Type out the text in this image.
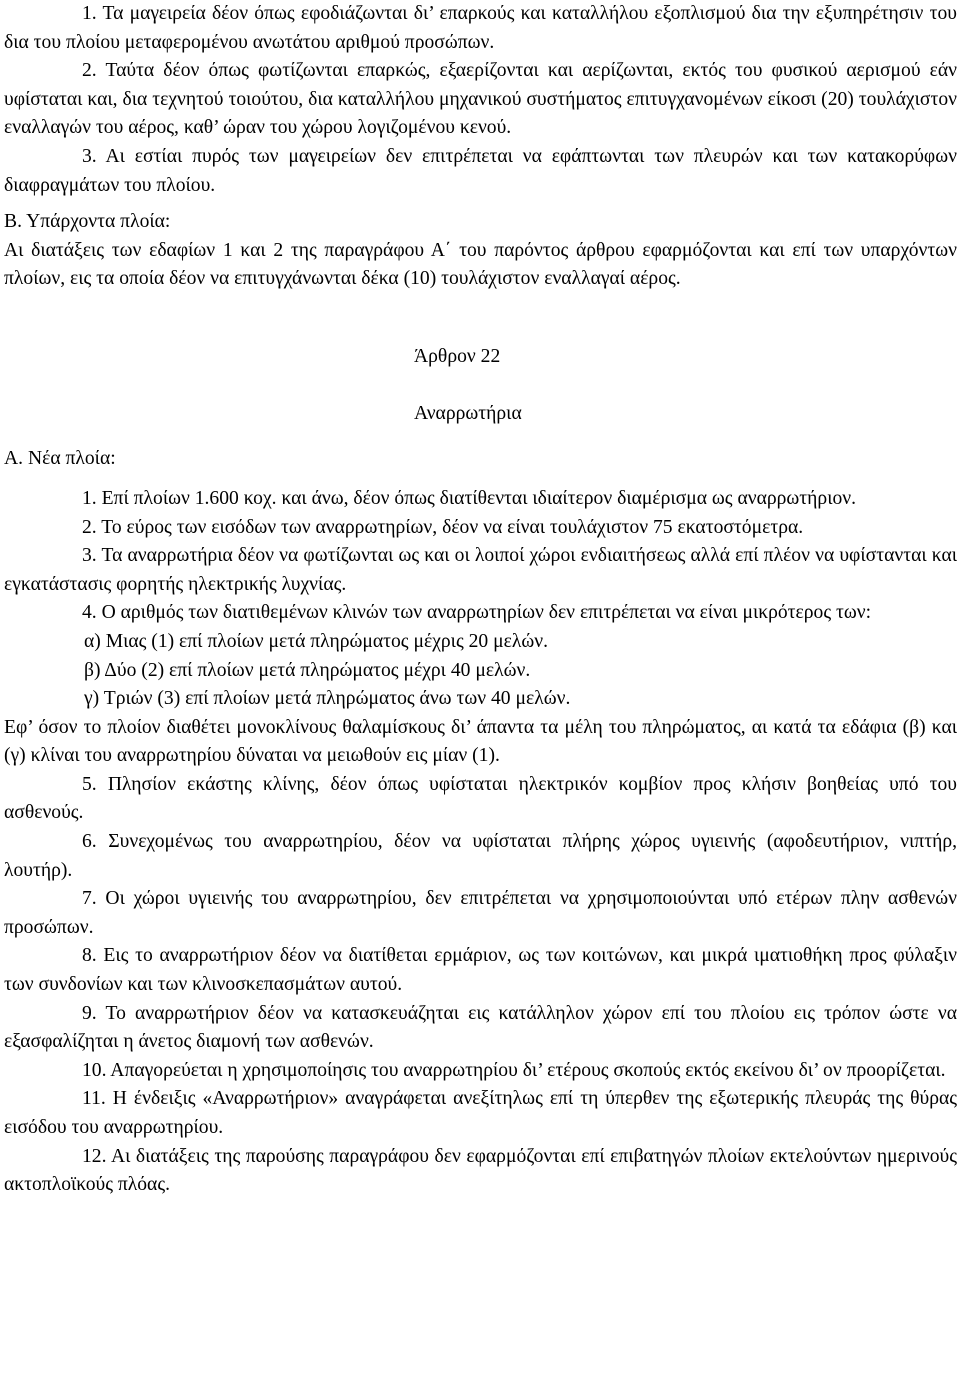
1. Τα μαγειρεία δέον όπως εφοδιάζωνται δι’ επαρκούς και καταλλήλου εξοπλισμού δια την εξυπηρέτησιν του δια του πλοίου μεταφερομένου ανωτάτου αριθμού προσώπων.

2. Ταύτα δέον όπως φωτίζωνται επαρκώς, εξαερίζονται και αερίζωνται, εκτός του φυσικού αερισμού εάν υφίσταται και, δια τεχνητού τοιούτου, δια καταλλήλου μηχανικού συστήματος επιτυγχανομένων είκοσι (20) τουλάχιστον εναλλαγών του αέρος, καθ’ ώραν του χώρου λογιζομένου κενού.

3. Αι εστίαι πυρός των μαγειρείων δεν επιτρέπεται να εφάπτωνται των πλευρών και των κατακορύφων διαφραγμάτων του πλοίου.

Β. Υπάρχοντα πλοία:

Αι διατάξεις των εδαφίων 1 και 2 της παραγράφου Α΄ του παρόντος άρθρου εφαρμόζονται και επί των υπαρχόντων πλοίων, εις τα οποία δέον να επιτυγχάνωνται δέκα (10) τουλάχιστον εναλλαγαί αέρος.

Άρθρον 22
Αναρρωτήρια
Α. Νέα πλοία:

1. Επί πλοίων 1.600 κοχ. και άνω, δέον όπως διατίθενται ιδιαίτερον διαμέρισμα ως αναρρωτήριον.

2. Το εύρος των εισόδων των αναρρωτηρίων, δέον να είναι τουλάχιστον 75 εκατοστόμετρα.

3. Τα αναρρωτήρια δέον να φωτίζωνται ως και οι λοιποί χώροι ενδιαιτήσεως αλλά επί πλέον να υφίστανται και εγκατάστασις φορητής ηλεκτρικής λυχνίας.

4. Ο αριθμός των διατιθεμένων κλινών των αναρρωτηρίων δεν επιτρέπεται να είναι μικρότερος των:

α) Μιας (1) επί πλοίων μετά πληρώματος μέχρις 20 μελών.

β) Δύο (2) επί πλοίων μετά πληρώματος μέχρι 40 μελών.

γ) Τριών (3) επί πλοίων μετά πληρώματος άνω των 40 μελών.

Εφ’ όσον το πλοίον διαθέτει μονοκλίνους θαλαμίσκους δι’ άπαντα τα μέλη του πληρώματος, αι κατά τα εδάφια (β) και (γ) κλίναι του αναρρωτηρίου δύναται να μειωθούν εις μίαν (1).

5. Πλησίον εκάστης κλίνης, δέον όπως υφίσταται ηλεκτρικόν κομβίον προς κλήσιν βοηθείας υπό του ασθενούς.

6. Συνεχομένως του αναρρωτηρίου, δέον να υφίσταται πλήρης χώρος υγιεινής (αφοδευτήριον, νιπτήρ, λουτήρ).

7. Οι χώροι υγιεινής του αναρρωτηρίου, δεν επιτρέπεται να χρησιμοποιούνται υπό ετέρων πλην ασθενών προσώπων.

8. Εις το αναρρωτήριον δέον να διατίθεται ερμάριον, ως των κοιτώνων, και μικρά ιματιοθήκη προς φύλαξιν των συνδονίων και των κλινοσκεπασμάτων αυτού.

9. Το αναρρωτήριον δέον να κατασκευάζηται εις κατάλληλον χώρον επί του πλοίου εις τρόπον ώστε να εξασφαλίζηται η άνετος διαμονή των ασθενών.

10. Απαγορεύεται η χρησιμοποίησις του αναρρωτηρίου δι’ ετέρους σκοπούς εκτός εκείνου δι’ ον προορίζεται.

11. Η ένδειξις «Αναρρωτήριον» αναγράφεται ανεξίτηλως επί τη ύπερθεν της εξωτερικής πλευράς της θύρας εισόδου του αναρρωτηρίου.

12. Αι διατάξεις της παρούσης παραγράφου δεν εφαρμόζονται επί επιβατηγών πλοίων εκτελούντων ημερινούς ακτοπλοϊκούς πλόας.
